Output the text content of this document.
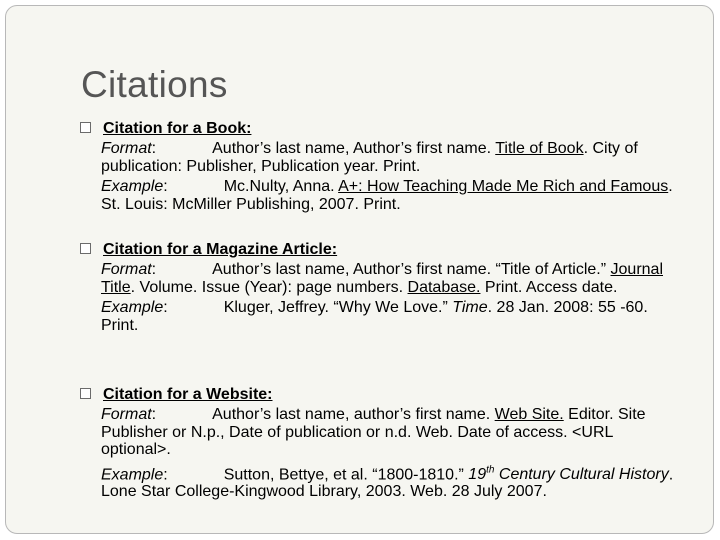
Citations
Citation for a Book:
Format:	Author’s last name, Author’s first name. Title of Book. City of publication: Publisher, Publication year. Print.
Example:	Mc.Nulty, Anna. A+: How Teaching Made Me Rich and Famous. St. Louis: McMiller Publishing, 2007. Print.
Citation for a Magazine Article:
Format:	Author’s last name, Author’s first name. “Title of Article.” Journal Title. Volume. Issue (Year): page numbers. Database. Print. Access date.
Example:	Kluger, Jeffrey. “Why We Love.” Time. 28 Jan. 2008: 55 -60. Print.
Citation for a Website:
Format:	Author’s last name, author’s first name. Web Site. Editor. Site Publisher or N.p., Date of publication or n.d. Web. Date of access. <URL optional>.
Example:	Sutton, Bettye, et al. “1800-1810.” 19th Century Cultural History. Lone Star College-Kingwood Library, 2003. Web. 28 July 2007.
